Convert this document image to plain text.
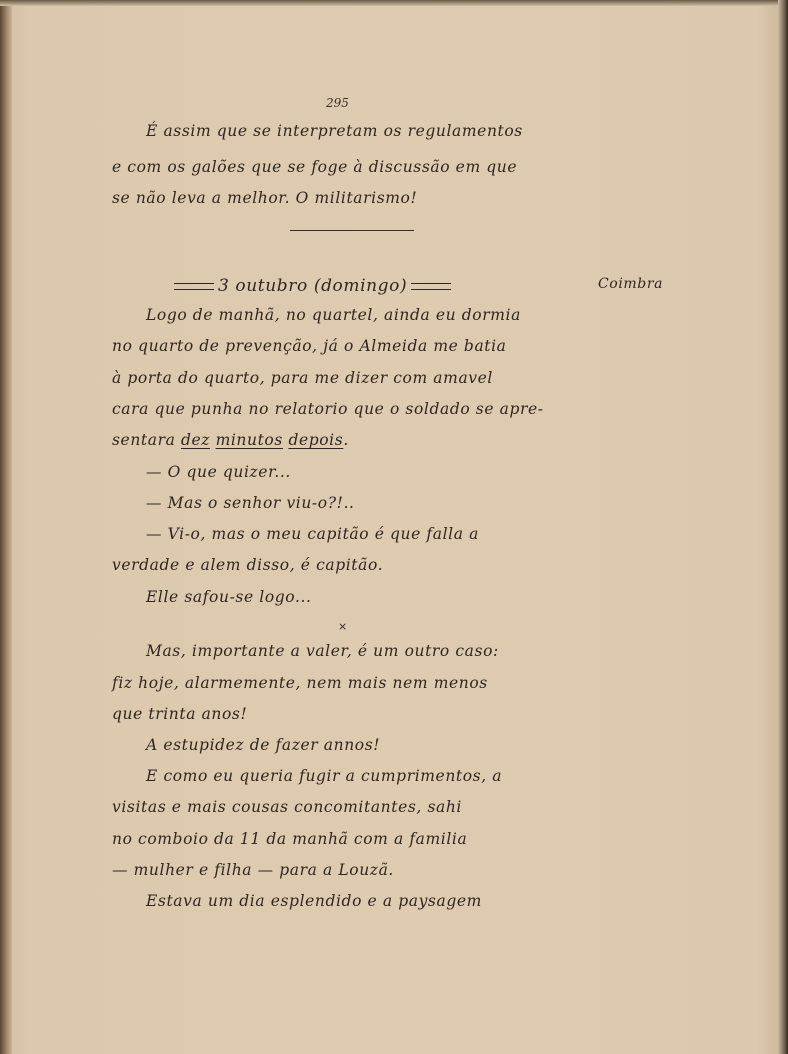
295
É assim que se interpretam os regulamentos
e com os galões que se foge à discussão em que
se não leva a melhor. O militarismo!
3 outubro (domingo)	Coimbra
Logo de manhã, no quartel, ainda eu dormia
no quarto de prevenção, já o Almeida me batia
à porta do quarto, para me dizer com amavel
cara que punha no relatorio que o soldado se apre-
sentara dez minutos depois.
— O que quizer...
— Mas o senhor viu-o?!..
— Vi-o, mas o meu capitão é que falla a
verdade e alem disso, é capitão.
Elle safou-se logo...
×
Mas, importante a valer, é um outro caso:
fiz hoje, alarmemente, nem mais nem menos
que trinta anos!
A estupidez de fazer annos!
E como eu queria fugir a cumprimentos, a
visitas e mais cousas concomitantes, sahi
no comboio da 11 da manhã com a familia
— mulher e filha — para a Louzã.
Estava um dia esplendido e a paysagem
